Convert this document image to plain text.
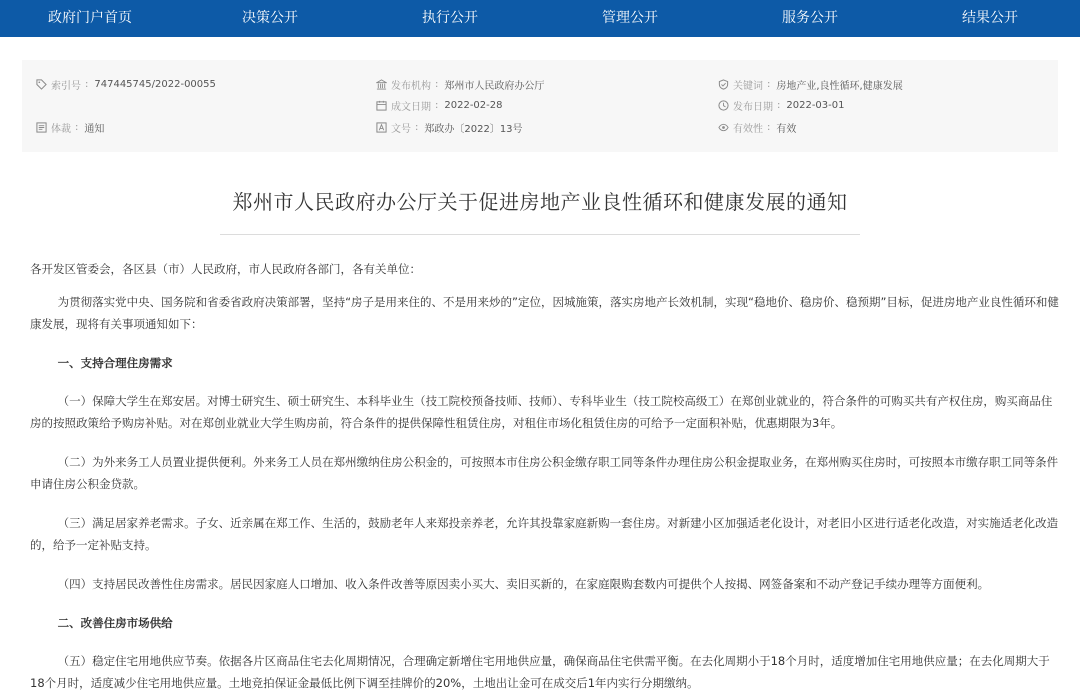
政府门户首页	决策公开	执行公开	管理公开	服务公开	结果公开
索引号 : 747445745/2022-00055
体裁 : 通知
发布机构 : 郑州市人民政府办公厅
成文日期 : 2022-02-28
文号 : 郑政办〔2022〕13号
关键词 : 房地产业,良性循环,健康发展
发布日期 : 2022-03-01
有效性 : 有效
郑州市人民政府办公厅关于促进房地产业良性循环和健康发展的通知

各开发区管委会，各区县（市）人民政府，市人民政府各部门，各有关单位：

为贯彻落实党中央、国务院和省委省政府决策部署，坚持“房子是用来住的、不是用来炒的”定位，因城施策，落实房地产长效机制，实现“稳地价、稳房价、稳预期”目标，促进房地产业良性循环和健康发展，现将有关事项通知如下：

一、支持合理住房需求

（一）保障大学生在郑安居。对博士研究生、硕士研究生、本科毕业生（技工院校预备技师、技师）、专科毕业生（技工院校高级工）在郑创业就业的，符合条件的可购买共有产权住房，购买商品住房的按照政策给予购房补贴。对在郑创业就业大学生购房前，符合条件的提供保障性租赁住房，对租住市场化租赁住房的可给予一定面积补贴，优惠期限为3年。

（二）为外来务工人员置业提供便利。外来务工人员在郑州缴纳住房公积金的，可按照本市住房公积金缴存职工同等条件办理住房公积金提取业务，在郑州购买住房时，可按照本市缴存职工同等条件申请住房公积金贷款。

（三）满足居家养老需求。子女、近亲属在郑工作、生活的，鼓励老年人来郑投亲养老，允许其投靠家庭新购一套住房。对新建小区加强适老化设计，对老旧小区进行适老化改造，对实施适老化改造的，给予一定补贴支持。

（四）支持居民改善性住房需求。居民因家庭人口增加、收入条件改善等原因卖小买大、卖旧买新的，在家庭限购套数内可提供个人按揭、网签备案和不动产登记手续办理等方面便利。

二、改善住房市场供给

（五）稳定住宅用地供应节奏。依据各片区商品住宅去化周期情况，合理确定新增住宅用地供应量，确保商品住宅供需平衡。在去化周期小于18个月时，适度增加住宅用地供应量；在去化周期大于18个月时，适度减少住宅用地供应量。土地竞拍保证金最低比例下调至挂牌价的20%，土地出让金可在成交后1年内实行分期缴纳。
